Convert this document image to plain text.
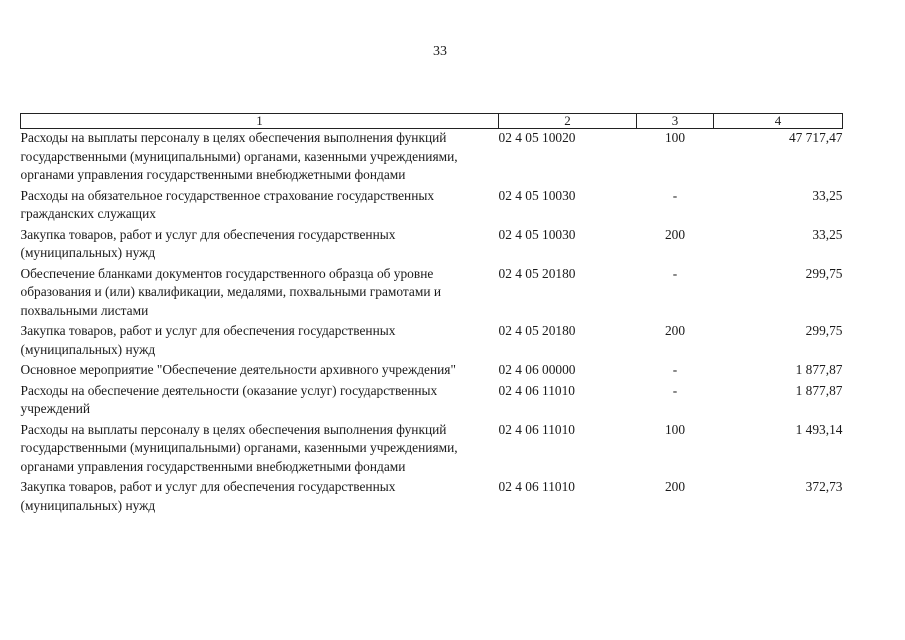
33
1	2	3	4
Расходы на выплаты персоналу в целях обеспечения выполнения функций государственными (муниципальными) органами, казенными учреждениями, органами управления государственными внебюджетными фондами	02 4 05 10020	100	47 717,47
Расходы на обязательное государственное страхование государственных гражданских служащих	02 4 05 10030	-	33,25
Закупка товаров, работ и услуг для обеспечения государственных (муниципальных) нужд	02 4 05 10030	200	33,25
Обеспечение бланками документов государственного образца об уровне образования и (или) квалификации, медалями, похвальными грамотами и похвальными листами	02 4 05 20180	-	299,75
Закупка товаров, работ и услуг для обеспечения государственных (муниципальных) нужд	02 4 05 20180	200	299,75
Основное мероприятие "Обеспечение деятельности архивного учреждения"	02 4 06 00000	-	1 877,87
Расходы на обеспечение деятельности (оказание услуг) государственных учреждений	02 4 06 11010	-	1 877,87
Расходы на выплаты персоналу в целях обеспечения выполнения функций государственными (муниципальными) органами, казенными учреждениями, органами управления государственными внебюджетными фондами	02 4 06 11010	100	1 493,14
Закупка товаров, работ и услуг для обеспечения государственных (муниципальных) нужд	02 4 06 11010	200	372,73
